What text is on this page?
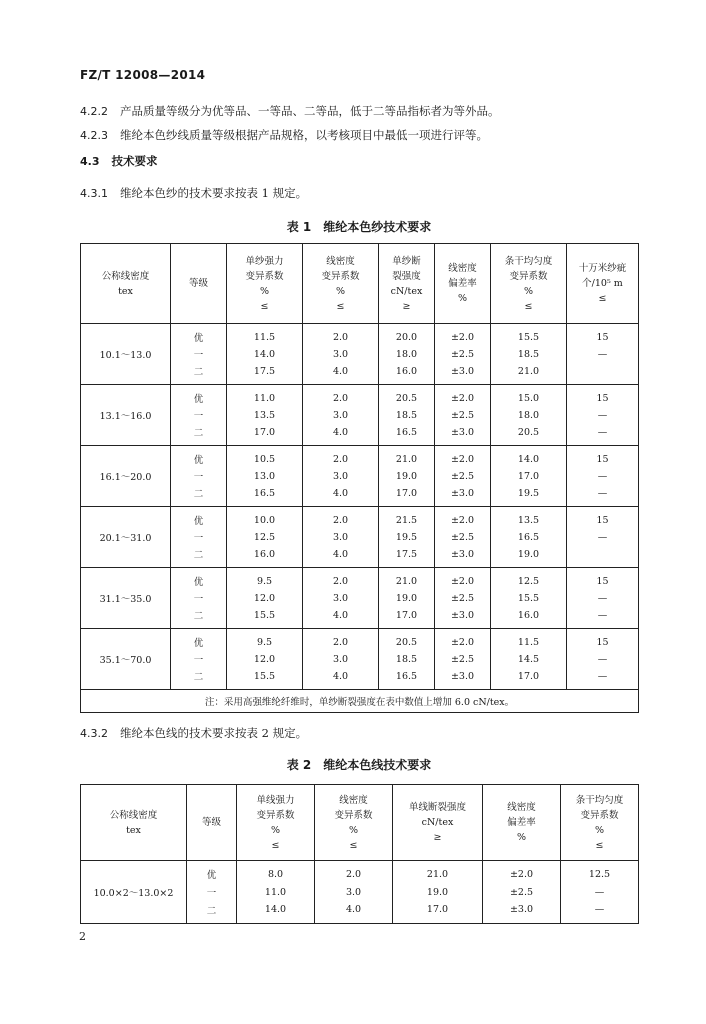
FZ/T 12008—2014
4.2.2 产品质量等级分为优等品、一等品、二等品，低于二等品指标者为等外品。
4.2.3 维纶本色纱线质量等级根据产品规格，以考核项目中最低一项进行评等。
4.3 技术要求
4.3.1 维纶本色纱的技术要求按表 1 规定。
表 1　维纶本色纱技术要求
公称线密度
tex	等级	单纱强力
变异系数
%
≤	线密度
变异系数
%
≤	单纱断
裂强度
cN/tex
≥	线密度
偏差率
%	条干均匀度
变异系数
%
≤	十万米纱疵
个/10⁵ m
≤

10.1～13.0	优	11.5	2.0	20.0	±2.0	15.5	15
	一	14.0	3.0	18.0	±2.5	18.5	—
	二	17.5	4.0	16.0	±3.0	21.0	
13.1～16.0	优	11.0	2.0	20.5	±2.0	15.0	15
	一	13.5	3.0	18.5	±2.5	18.0	—
	二	17.0	4.0	16.5	±3.0	20.5	—
16.1～20.0	优	10.5	2.0	21.0	±2.0	14.0	15
	一	13.0	3.0	19.0	±2.5	17.0	—
	二	16.5	4.0	17.0	±3.0	19.5	—
20.1～31.0	优	10.0	2.0	21.5	±2.0	13.5	15
	一	12.5	3.0	19.5	±2.5	16.5	—
	二	16.0	4.0	17.5	±3.0	19.0	
31.1～35.0	优	9.5	2.0	21.0	±2.0	12.5	15
	一	12.0	3.0	19.0	±2.5	15.5	—
	二	15.5	4.0	17.0	±3.0	16.0	—
35.1～70.0	优	9.5	2.0	20.5	±2.0	11.5	15
	一	12.0	3.0	18.5	±2.5	14.5	—
	二	15.5	4.0	16.5	±3.0	17.0	—
注：采用高强维纶纤维时，单纱断裂强度在表中数值上增加 6.0 cN/tex。							
4.3.2 维纶本色线的技术要求按表 2 规定。
表 2　维纶本色线技术要求
公称线密度
tex	等级	单线强力
变异系数
%
≤	线密度
变异系数
%
≤	单线断裂强度
cN/tex
≥	线密度
偏差率
%	条干均匀度
变异系数
%
≤

10.0×2～13.0×2	优	8.0	2.0	21.0	±2.0	12.5
	一	11.0	3.0	19.0	±2.5	—
	二	14.0	4.0	17.0	±3.0	—
2
